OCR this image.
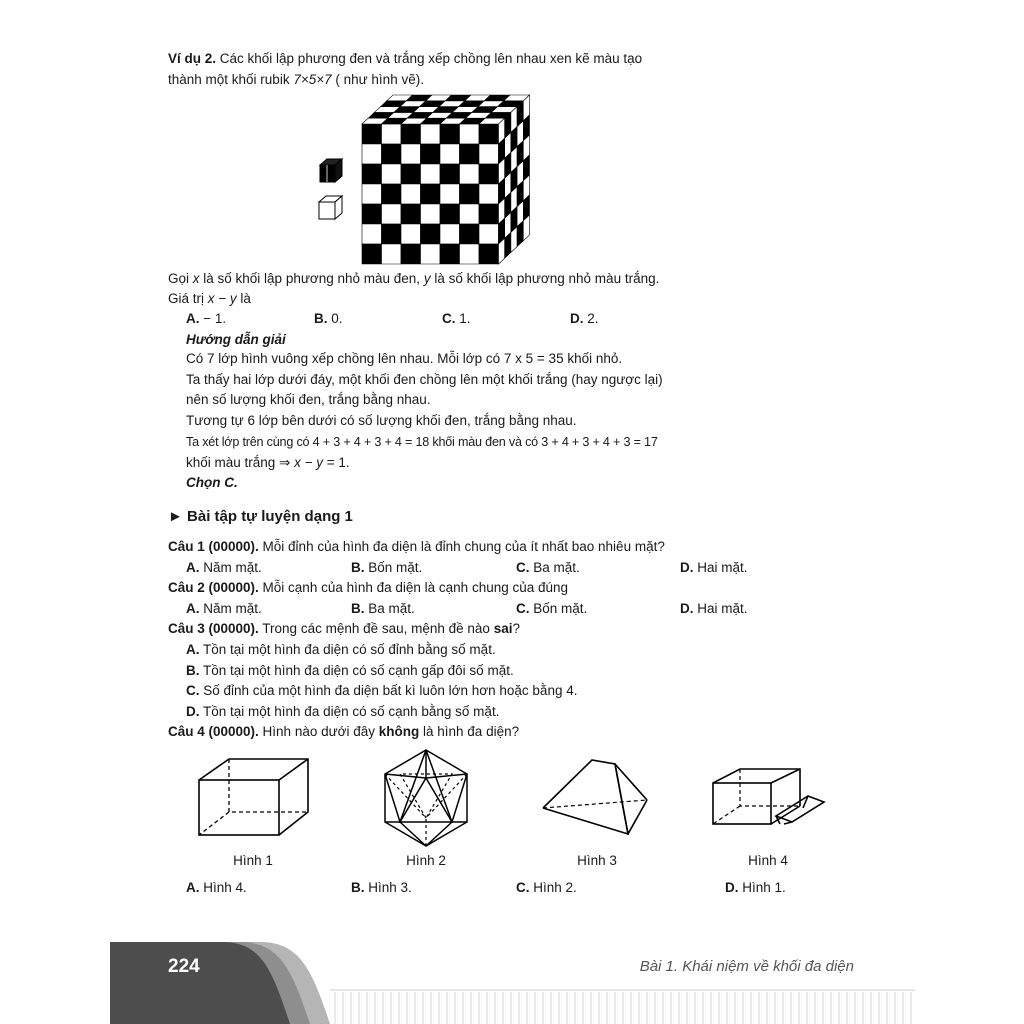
Ví dụ 2. Các khối lập phương đen và trắng xếp chồng lên nhau xen kẽ màu tạo
thành một khối rubik 7×5×7 ( như hình vẽ).
Gọi x là số khối lập phương nhỏ màu đen, y là số khối lập phương nhỏ màu trắng.
Giá trị x − y là
A. − 1.	B. 0.	C. 1.	D. 2.
Hướng dẫn giải
Có 7 lớp hình vuông xếp chồng lên nhau. Mỗi lớp có 7 x 5 = 35 khối nhỏ.
Ta thấy hai lớp dưới đáy, một khối đen chồng lên một khối trắng (hay ngược lại)
nên số lượng khối đen, trắng bằng nhau.
Tương tự 6 lớp bên dưới có số lượng khối đen, trắng bằng nhau.
Ta xét lớp trên cùng có 4 + 3 + 4 + 3 + 4 = 18 khối màu đen và có 3 + 4 + 3 + 4 + 3 = 17
khối màu trắng ⇒ x − y = 1.
Chọn C.
► Bài tập tự luyện dạng 1
Câu 1 (00000). Mỗi đỉnh của hình đa diện là đỉnh chung của ít nhất bao nhiêu mặt?
A. Năm mặt.	B. Bốn mặt.	C. Ba mặt.	D. Hai mặt.
Câu 2 (00000). Mỗi cạnh của hình đa diện là cạnh chung của đúng
A. Năm mặt.	B. Ba mặt.	C. Bốn mặt.	D. Hai mặt.
Câu 3 (00000). Trong các mệnh đề sau, mệnh đề nào sai?
A. Tồn tại một hình đa diện có số đỉnh bằng số mặt.
B. Tồn tại một hình đa diện có số cạnh gấp đôi số mặt.
C. Số đỉnh của một hình đa diện bất kì luôn lớn hơn hoặc bằng 4.
D. Tồn tại một hình đa diện có số cạnh bằng số mặt.
Câu 4 (00000). Hình nào dưới đây không là hình đa diện?
Hình 1	Hình 2	Hình 3	Hình 4
A. Hình 4.	B. Hình 3.	C. Hình 2.	D. Hình 1.
224	Bài 1. Khái niệm về khối đa diện
